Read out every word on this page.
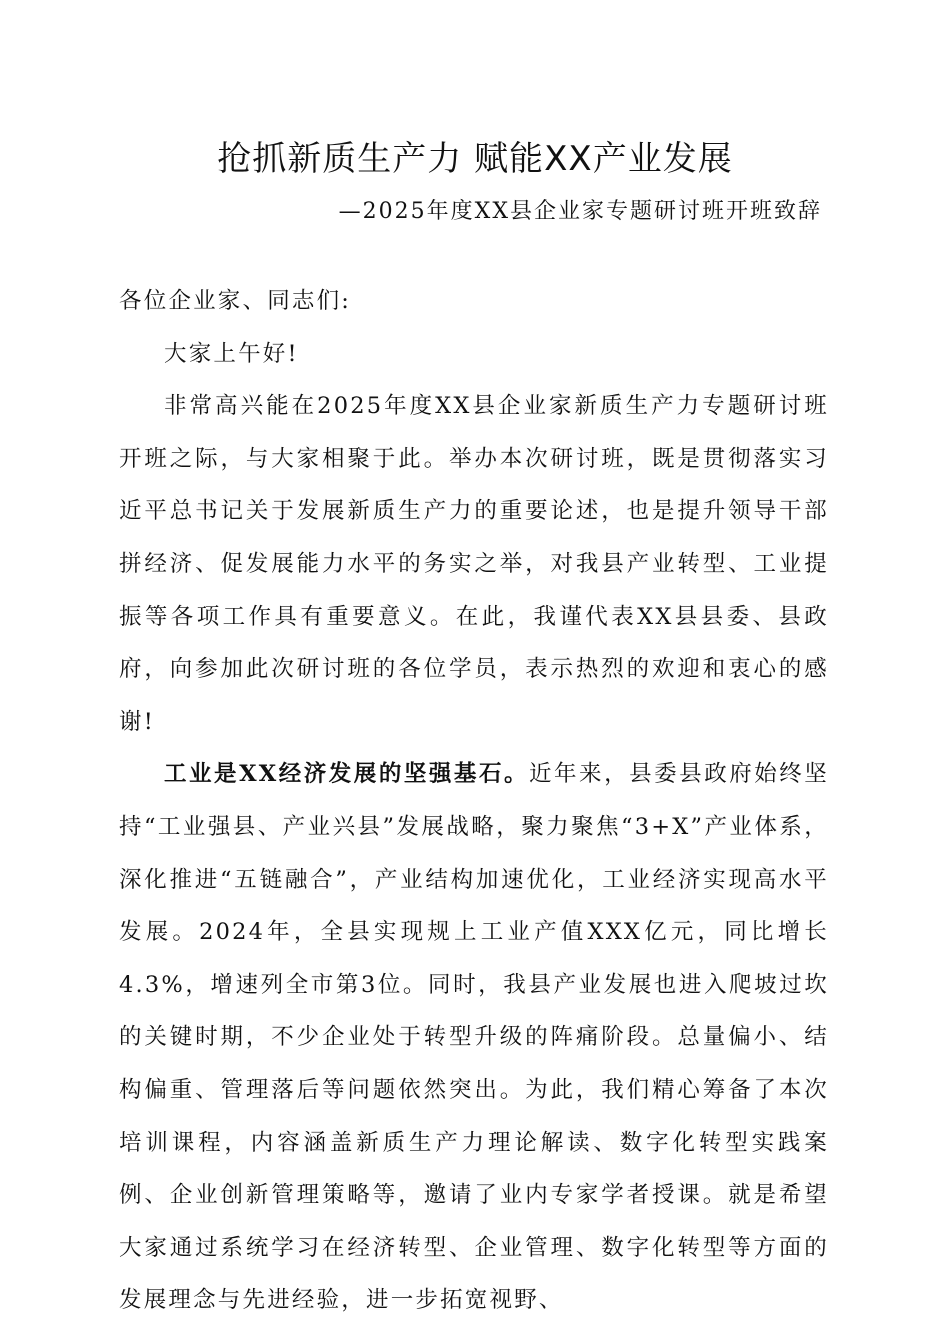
抢抓新质生产力 赋能XX产业发展

—2025年度XX县企业家专题研讨班开班致辞

各位企业家、同志们:

大家上午好!

非常高兴能在2025年度XX县企业家新质生产力专题研讨班开班之际，与大家相聚于此。举办本次研讨班，既是贯彻落实习近平总书记关于发展新质生产力的重要论述，也是提升领导干部拼经济、促发展能力水平的务实之举，对我县产业转型、工业提振等各项工作具有重要意义。在此，我谨代表XX县县委、县政府，向参加此次研讨班的各位学员，表示热烈的欢迎和衷心的感谢!

工业是XX经济发展的坚强基石。近年来，县委县政府始终坚持“工业强县、产业兴县”发展战略，聚力聚焦“3+X”产业体系，深化推进“五链融合”，产业结构加速优化，工业经济实现高水平发展。2024年，全县实现规上工业产值XXX亿元，同比增长4.3%，增速列全市第3位。同时，我县产业发展也进入爬坡过坎的关键时期，不少企业处于转型升级的阵痛阶段。总量偏小、结构偏重、管理落后等问题依然突出。为此，我们精心筹备了本次培训课程，内容涵盖新质生产力理论解读、数字化转型实践案例、企业创新管理策略等，邀请了业内专家学者授课。就是希望大家通过系统学习在经济转型、企业管理、数字化转型等方面的发展理念与先进经验，进一步拓宽视野、
